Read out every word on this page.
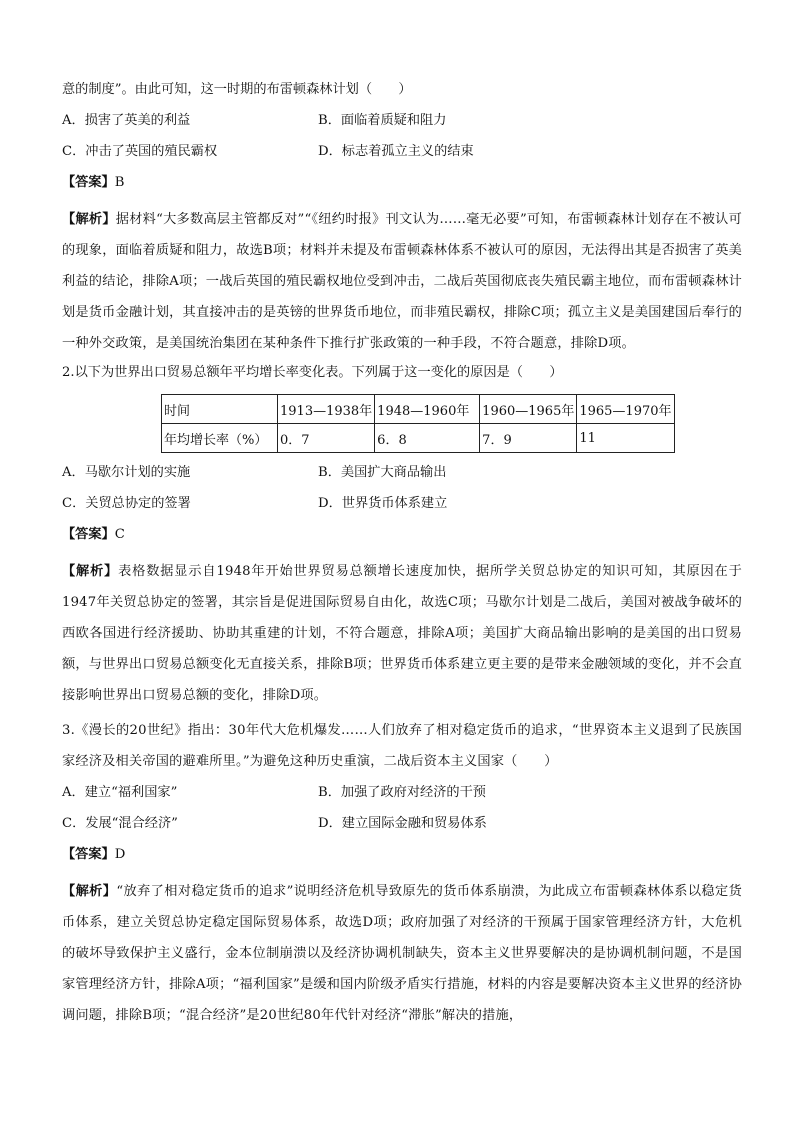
意的制度”。由此可知，这一时期的布雷顿森林计划（　　）
A．损害了英美的利益	B．面临着质疑和阻力
C．冲击了英国的殖民霸权	D．标志着孤立主义的结束
【答案】B

【解析】据材料“大多数高层主管都反对”“《纽约时报》刊文认为……毫无必要”可知，布雷顿森林计划存在不被认可的现象，面临着质疑和阻力，故选B项；材料并未提及布雷顿森林体系不被认可的原因，无法得出其是否损害了英美利益的结论，排除A项；一战后英国的殖民霸权地位受到冲击，二战后英国彻底丧失殖民霸主地位，而布雷顿森林计划是货币金融计划，其直接冲击的是英镑的世界货币地位，而非殖民霸权，排除C项；孤立主义是美国建国后奉行的一种外交政策，是美国统治集团在某种条件下推行扩张政策的一种手段，不符合题意，排除D项。

2.以下为世界出口贸易总额年平均增长率变化表。下列属于这一变化的原因是（　　）
时间	1913—1938年	1948—1960年	1960—1965年	1965—1970年
年均增长率（%）	0．7	6．8	7．9	11
A．马歇尔计划的实施	B．美国扩大商品输出
C．关贸总协定的签署	D．世界货币体系建立
【答案】C

【解析】表格数据显示自1948年开始世界贸易总额增长速度加快，据所学关贸总协定的知识可知，其原因在于1947年关贸总协定的签署，其宗旨是促进国际贸易自由化，故选C项；马歇尔计划是二战后，美国对被战争破坏的西欧各国进行经济援助、协助其重建的计划，不符合题意，排除A项；美国扩大商品输出影响的是美国的出口贸易额，与世界出口贸易总额变化无直接关系，排除B项；世界货币体系建立更主要的是带来金融领域的变化，并不会直接影响世界出口贸易总额的变化，排除D项。

3.《漫长的20世纪》指出：30年代大危机爆发……人们放弃了相对稳定货币的追求，“世界资本主义退到了民族国家经济及相关帝国的避难所里。”为避免这种历史重演，二战后资本主义国家（　　）

A．建立“福利国家”	B．加强了政府对经济的干预
C．发展“混合经济”	D．建立国际金融和贸易体系
【答案】D

【解析】“放弃了相对稳定货币的追求”说明经济危机导致原先的货币体系崩溃，为此成立布雷顿森林体系以稳定货币体系，建立关贸总协定稳定国际贸易体系，故选D项；政府加强了对经济的干预属于国家管理经济方针，大危机的破坏导致保护主义盛行，金本位制崩溃以及经济协调机制缺失，资本主义世界要解决的是协调机制问题，不是国家管理经济方针，排除A项；“福利国家”是缓和国内阶级矛盾实行措施，材料的内容是要解决资本主义世界的经济协调问题，排除B项；“混合经济”是20世纪80年代针对经济“滞胀”解决的措施，
